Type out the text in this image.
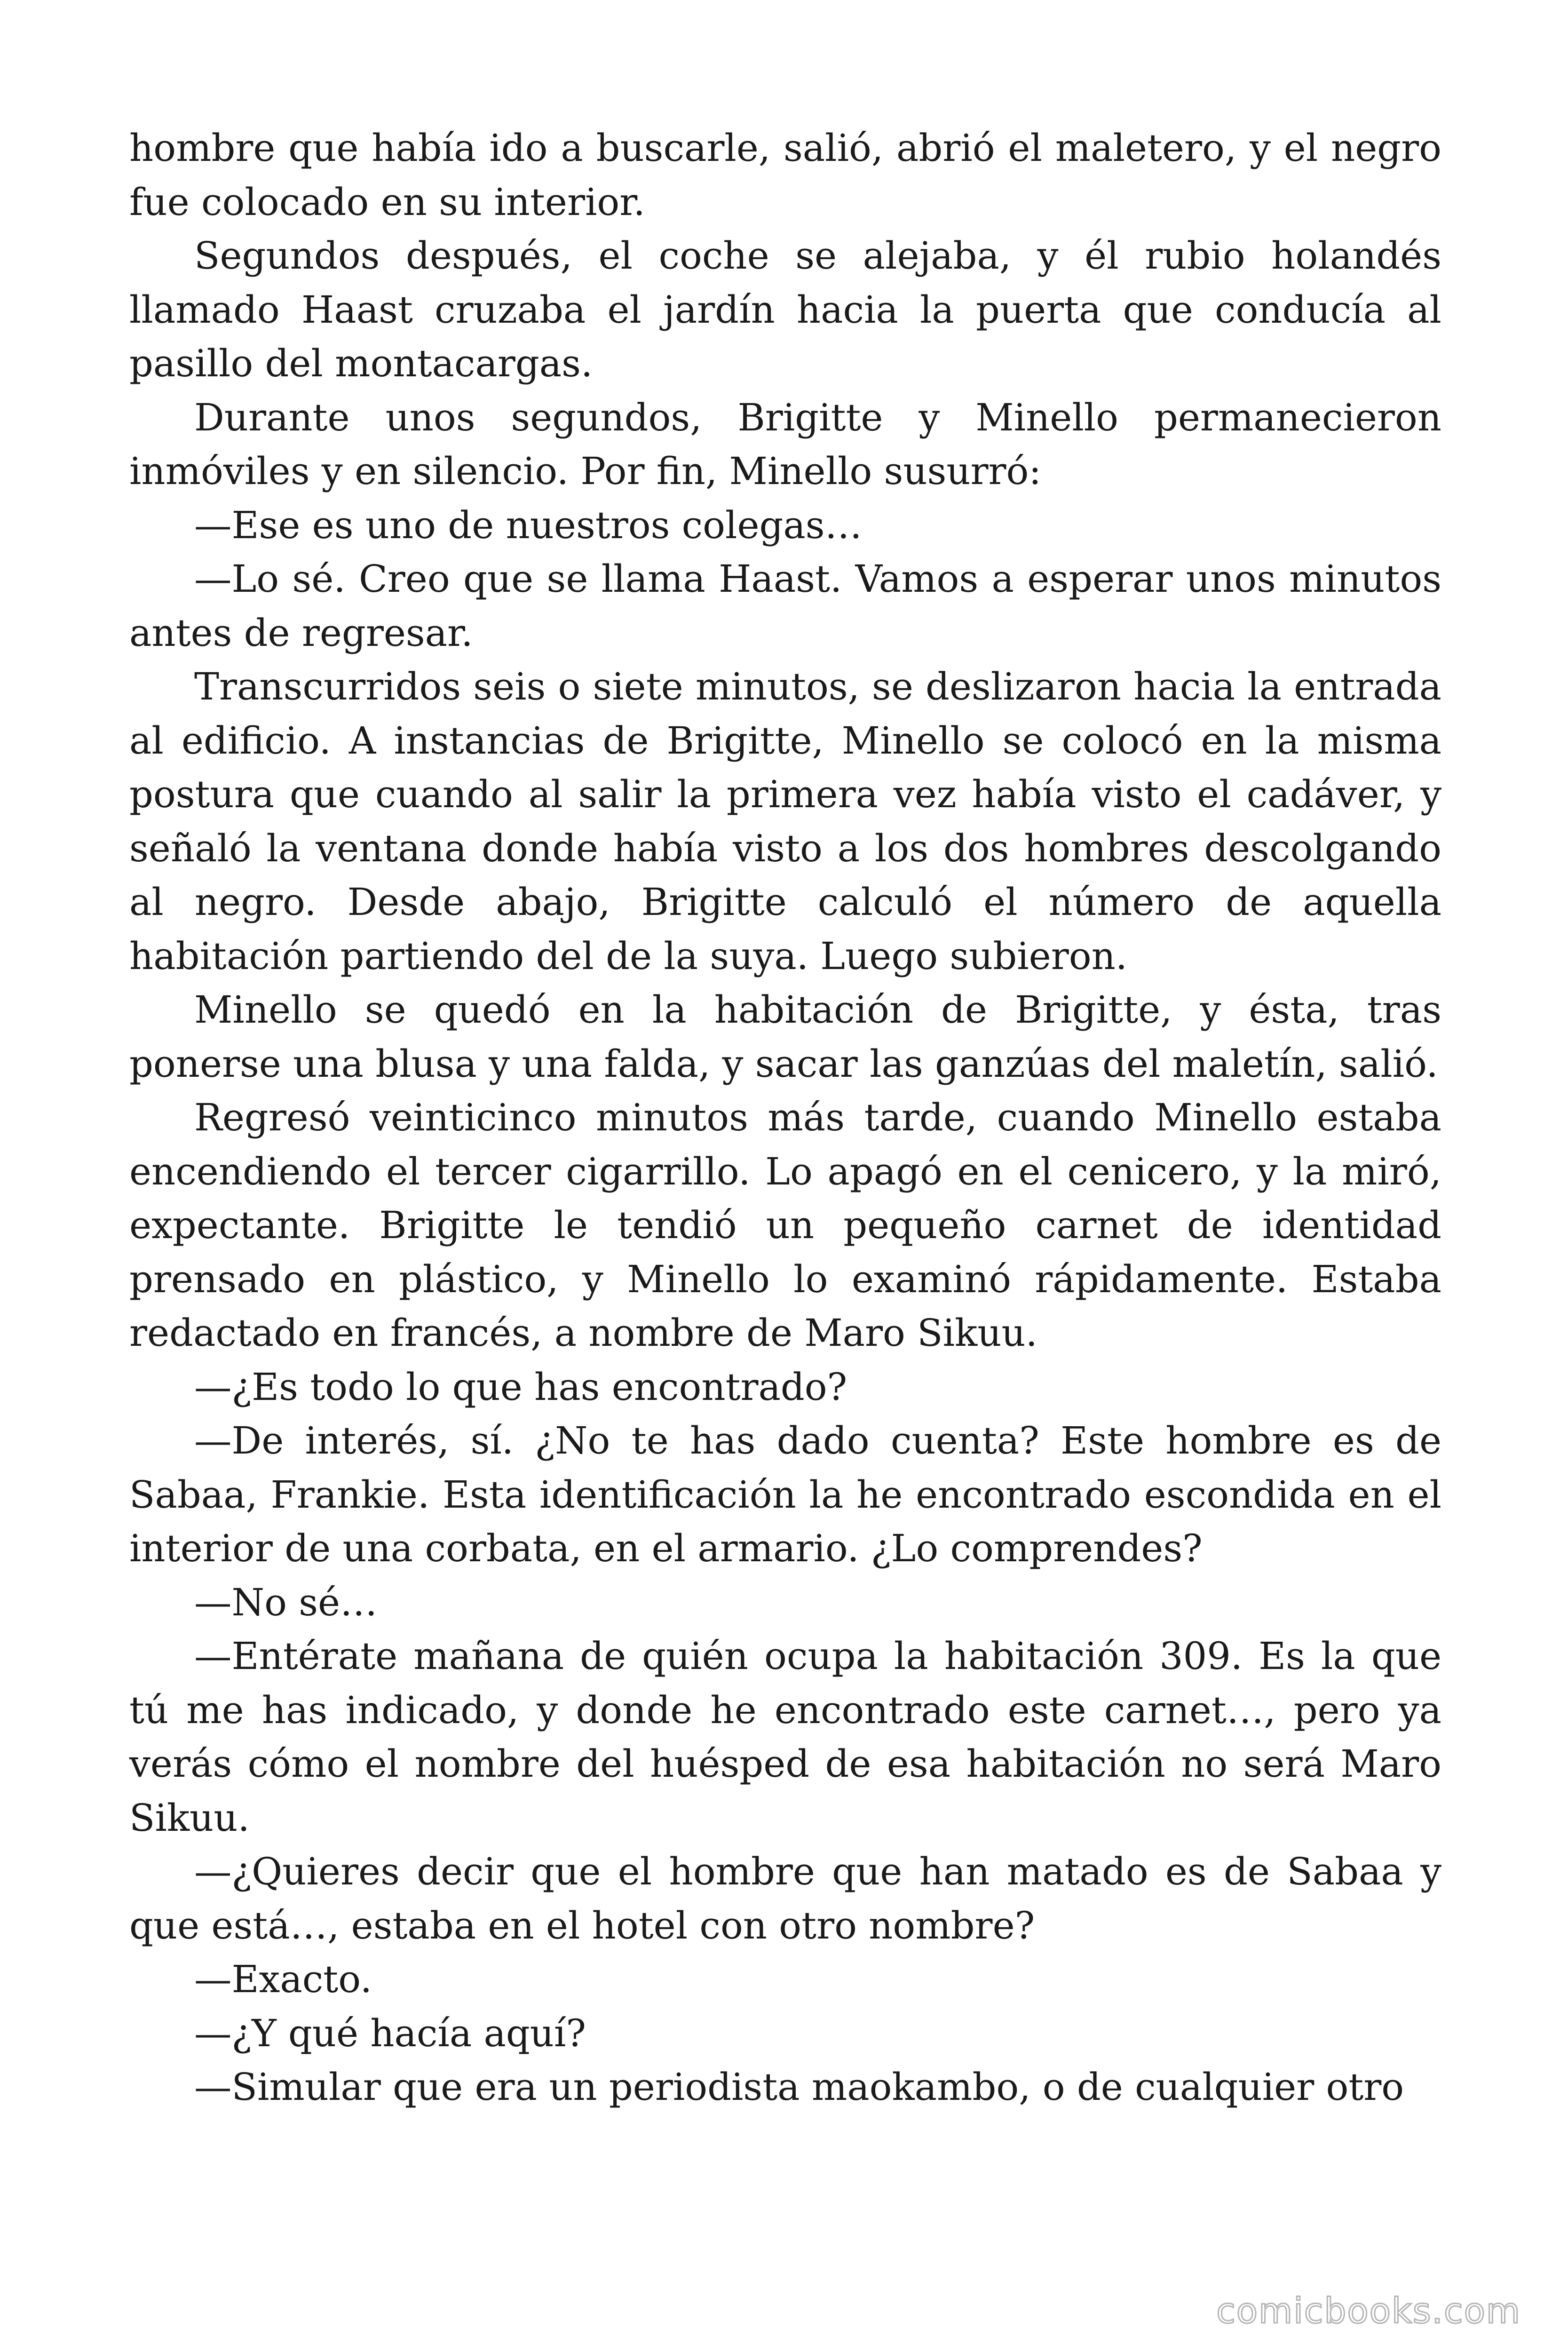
hombre que había ido a buscarle, salió, abrió el maletero, y el negro fue colocado en su interior.

Segundos después, el coche se alejaba, y él rubio holandés llamado Haast cruzaba el jardín hacia la puerta que conducía al pasillo del montacargas.

Durante unos segundos, Brigitte y Minello permanecieron inmóviles y en silencio. Por fin, Minello susurró:

—Ese es uno de nuestros colegas…

—Lo sé. Creo que se llama Haast. Vamos a esperar unos minutos antes de regresar.

Transcurridos seis o siete minutos, se deslizaron hacia la entrada al edificio. A instancias de Brigitte, Minello se colocó en la misma postura que cuando al salir la primera vez había visto el cadáver, y señaló la ventana donde había visto a los dos hombres descolgando al negro. Desde abajo, Brigitte calculó el número de aquella habitación partiendo del de la suya. Luego subieron.

Minello se quedó en la habitación de Brigitte, y ésta, tras ponerse una blusa y una falda, y sacar las ganzúas del maletín, salió.

Regresó veinticinco minutos más tarde, cuando Minello estaba encendiendo el tercer cigarrillo. Lo apagó en el cenicero, y la miró, expectante. Brigitte le tendió un pequeño carnet de identidad prensado en plástico, y Minello lo examinó rápidamente. Estaba redactado en francés, a nombre de Maro Sikuu.

—¿Es todo lo que has encontrado?

—De interés, sí. ¿No te has dado cuenta? Este hombre es de Sabaa, Frankie. Esta identificación la he encontrado escondida en el interior de una corbata, en el armario. ¿Lo comprendes?

—No sé…

—Entérate mañana de quién ocupa la habitación 309. Es la que tú me has indicado, y donde he encontrado este carnet…, pero ya verás cómo el nombre del huésped de esa habitación no será Maro Sikuu.

—¿Quieres decir que el hombre que han matado es de Sabaa y que está…, estaba en el hotel con otro nombre?

—Exacto.

—¿Y qué hacía aquí?

—Simular que era un periodista maokambo, o de cualquier otro

comicbooks.com
